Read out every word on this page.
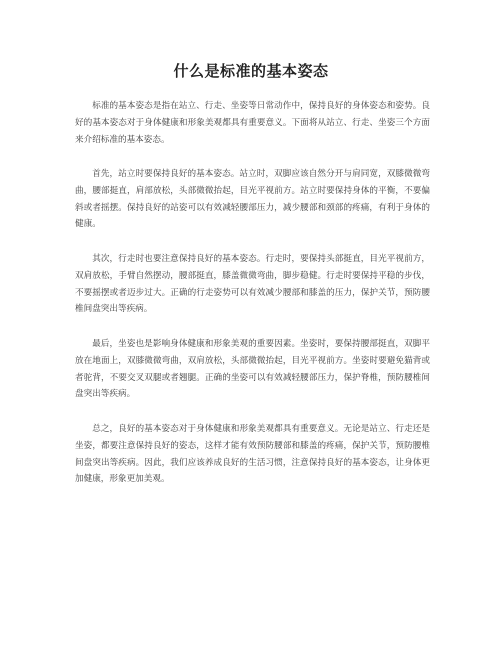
什么是标准的基本姿态

标准的基本姿态是指在站立、行走、坐姿等日常动作中，保持良好的身体姿态和姿势。良好的基本姿态对于身体健康和形象美观都具有重要意义。下面将从站立、行走、坐姿三个方面来介绍标准的基本姿态。

首先，站立时要保持良好的基本姿态。站立时，双脚应该自然分开与肩同宽，双膝微微弯曲，腰部挺直，肩部放松，头部微微抬起，目光平视前方。站立时要保持身体的平衡，不要偏斜或者摇摆。保持良好的站姿可以有效减轻腰部压力，减少腰部和颈部的疼痛，有利于身体的健康。

其次，行走时也要注意保持良好的基本姿态。行走时，要保持头部挺直，目光平视前方，双肩放松，手臂自然摆动，腰部挺直，膝盖微微弯曲，脚步稳健。行走时要保持平稳的步伐，不要摇摆或者迈步过大。正确的行走姿势可以有效减少腰部和膝盖的压力，保护关节，预防腰椎间盘突出等疾病。

最后，坐姿也是影响身体健康和形象美观的重要因素。坐姿时，要保持腰部挺直，双脚平放在地面上，双膝微微弯曲，双肩放松，头部微微抬起，目光平视前方。坐姿时要避免猫背或者驼背，不要交叉双腿或者翘腿。正确的坐姿可以有效减轻腰部压力，保护脊椎，预防腰椎间盘突出等疾病。

总之，良好的基本姿态对于身体健康和形象美观都具有重要意义。无论是站立、行走还是坐姿，都要注意保持良好的姿态，这样才能有效预防腰部和膝盖的疼痛，保护关节，预防腰椎间盘突出等疾病。因此，我们应该养成良好的生活习惯，注意保持良好的基本姿态，让身体更加健康，形象更加美观。
